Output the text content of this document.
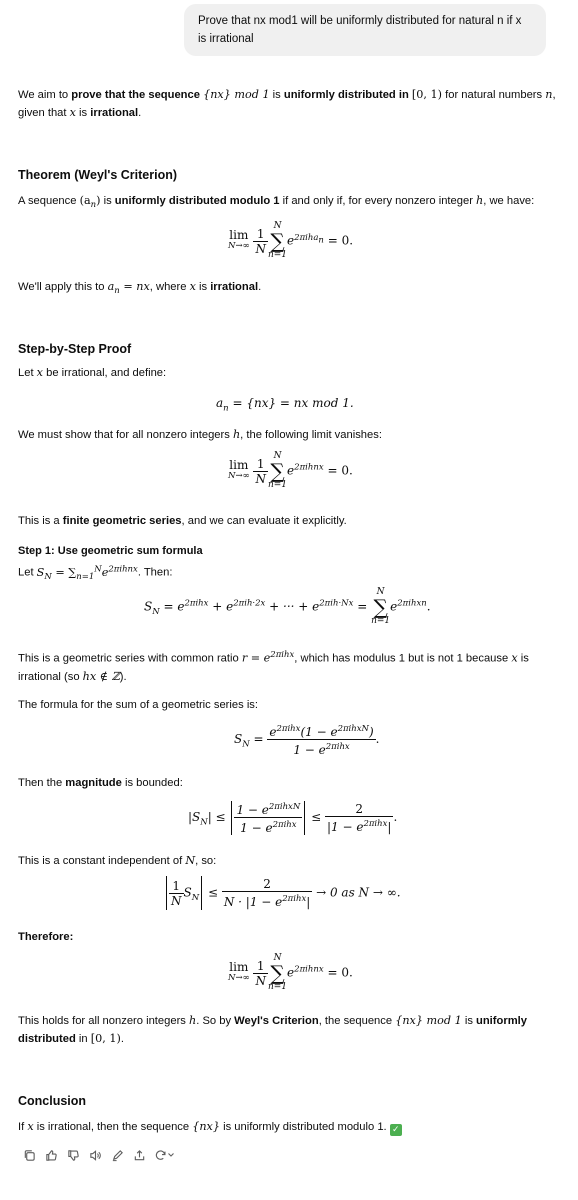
Prove that nx mod1 will be uniformly distributed for natural n if x is irrational
We aim to prove that the sequence {nx} mod 1 is uniformly distributed in [0, 1) for natural numbers n,
given that x is irrational.
Theorem (Weyl's Criterion)
A sequence $(a_n)$ is uniformly distributed modulo 1 if and only if, for every nonzero integer h, we have:
lim
N→∞
$\frac{1}{N}$
N
∑
$n=1e^{2\pi iha_n} = 0$.
We'll apply this to $a_n$ = nx, where x is irrational.
Step-by-Step Proof
Let x be irrational, and define:
$a_n = \{nx\}$ = nx mod 1.
We must show that for all nonzero integers h, the following limit vanishes:
lim
N→∞
$\frac{1}{N}$
N
∑
$n=1e^{2\pi ihnx} = 0$.
This is a finite geometric series, and we can evaluate it explicitly.
Step 1: Use geometric sum formula
Let $S_N = \sum_{n=1}^Ne^{2\pi ihnx}$. Then:
$S_N = e^{2\pi ihx} + e^{2\pi ih\cdot 2x}$ + ··· + $e^{2\pi ih\cdot Nx} = N$
∑
$n=1e^{2\pi ihxn}$.
This is a geometric series with common ratio $r = e^{2\pi ihx}$, which has modulus 1 but is not 1 because x is
irrational (so hx ∉ ℤ).
The formula for the sum of a geometric series is:
$S_N = \frac{e^{2\pi ihx}(1 - e^{2\pi ihxN})}{1 - e^{2\pi ihx}}$ .
Then the magnitude is bounded:
$|S_N| \le \frac{1 - e^{2\pi ihxN}}{1 - e^{2\pi ihx}} \le \frac{2}{|1 - e^{2\pi ihx}|}$ .
This is a constant independent of N, so:
$\frac{1}{N} S_N \le \frac{2}{N \cdot |1 - e^{2\pi ihx}|} \to 0$ as N → ∞.
Therefore:
lim
N→∞
$\frac{1}{N}$
N
∑
$n=1e^{2\pi ihnx} = 0$.
This holds for all nonzero integers h. So by Weyl's Criterion, the sequence {nx} mod 1 is uniformly
distributed in [0, 1).
Conclusion
If x is irrational, then the sequence {nx} is uniformly distributed modulo 1. ✓
